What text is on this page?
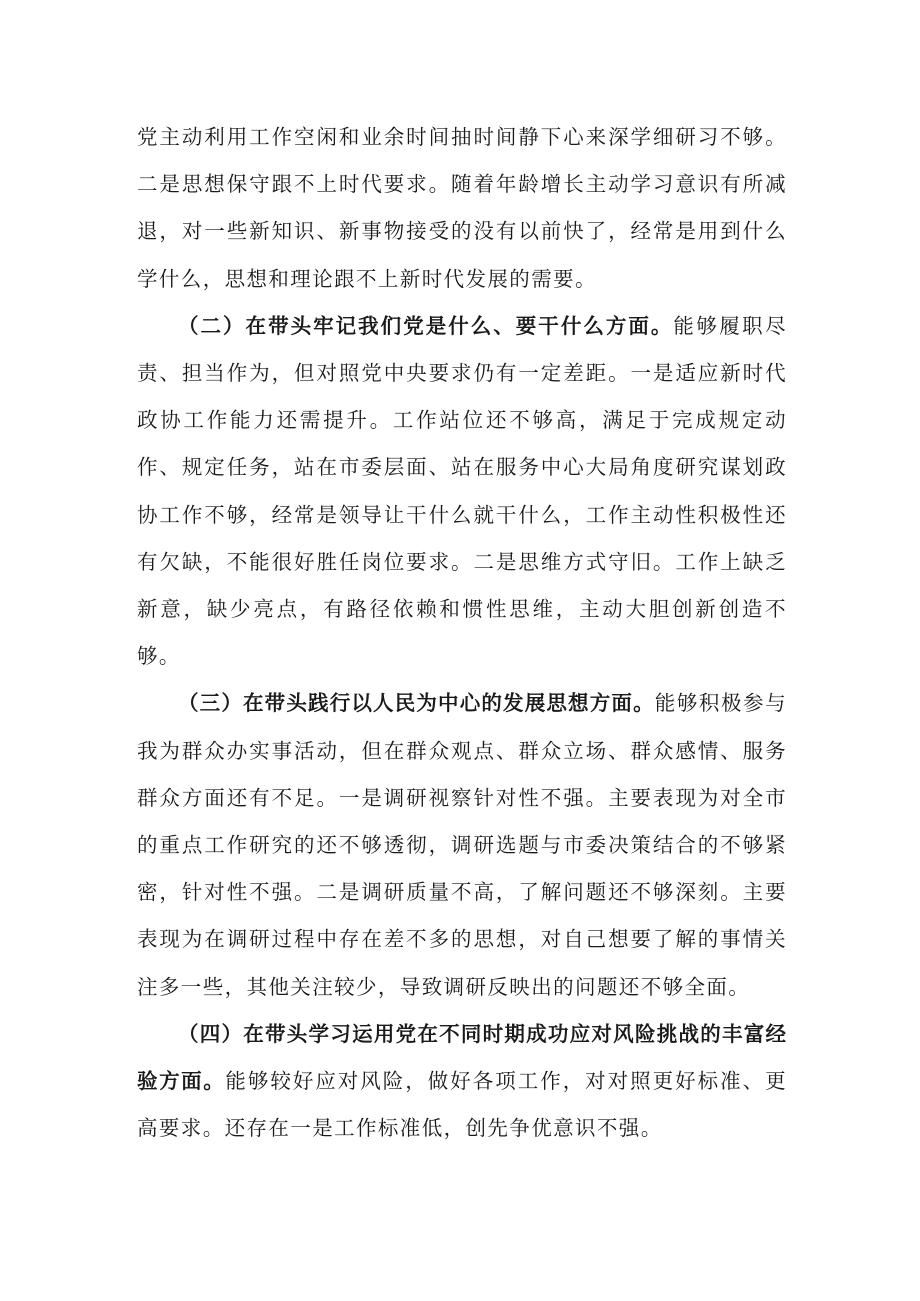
党主动利用工作空闲和业余时间抽时间静下心来深学细研习不够。二是思想保守跟不上时代要求。随着年龄增长主动学习意识有所减退，对一些新知识、新事物接受的没有以前快了，经常是用到什么学什么，思想和理论跟不上新时代发展的需要。

（二）在带头牢记我们党是什么、要干什么方面。能够履职尽责、担当作为，但对照党中央要求仍有一定差距。一是适应新时代政协工作能力还需提升。工作站位还不够高，满足于完成规定动作、规定任务，站在市委层面、站在服务中心大局角度研究谋划政协工作不够，经常是领导让干什么就干什么，工作主动性积极性还有欠缺，不能很好胜任岗位要求。二是思维方式守旧。工作上缺乏新意，缺少亮点，有路径依赖和惯性思维，主动大胆创新创造不够。

（三）在带头践行以人民为中心的发展思想方面。能够积极参与我为群众办实事活动，但在群众观点、群众立场、群众感情、服务群众方面还有不足。一是调研视察针对性不强。主要表现为对全市的重点工作研究的还不够透彻，调研选题与市委决策结合的不够紧密，针对性不强。二是调研质量不高，了解问题还不够深刻。主要表现为在调研过程中存在差不多的思想，对自己想要了解的事情关注多一些，其他关注较少，导致调研反映出的问题还不够全面。

（四）在带头学习运用党在不同时期成功应对风险挑战的丰富经验方面。能够较好应对风险，做好各项工作，对对照更好标准、更高要求。还存在一是工作标准低，创先争优意识不强。
